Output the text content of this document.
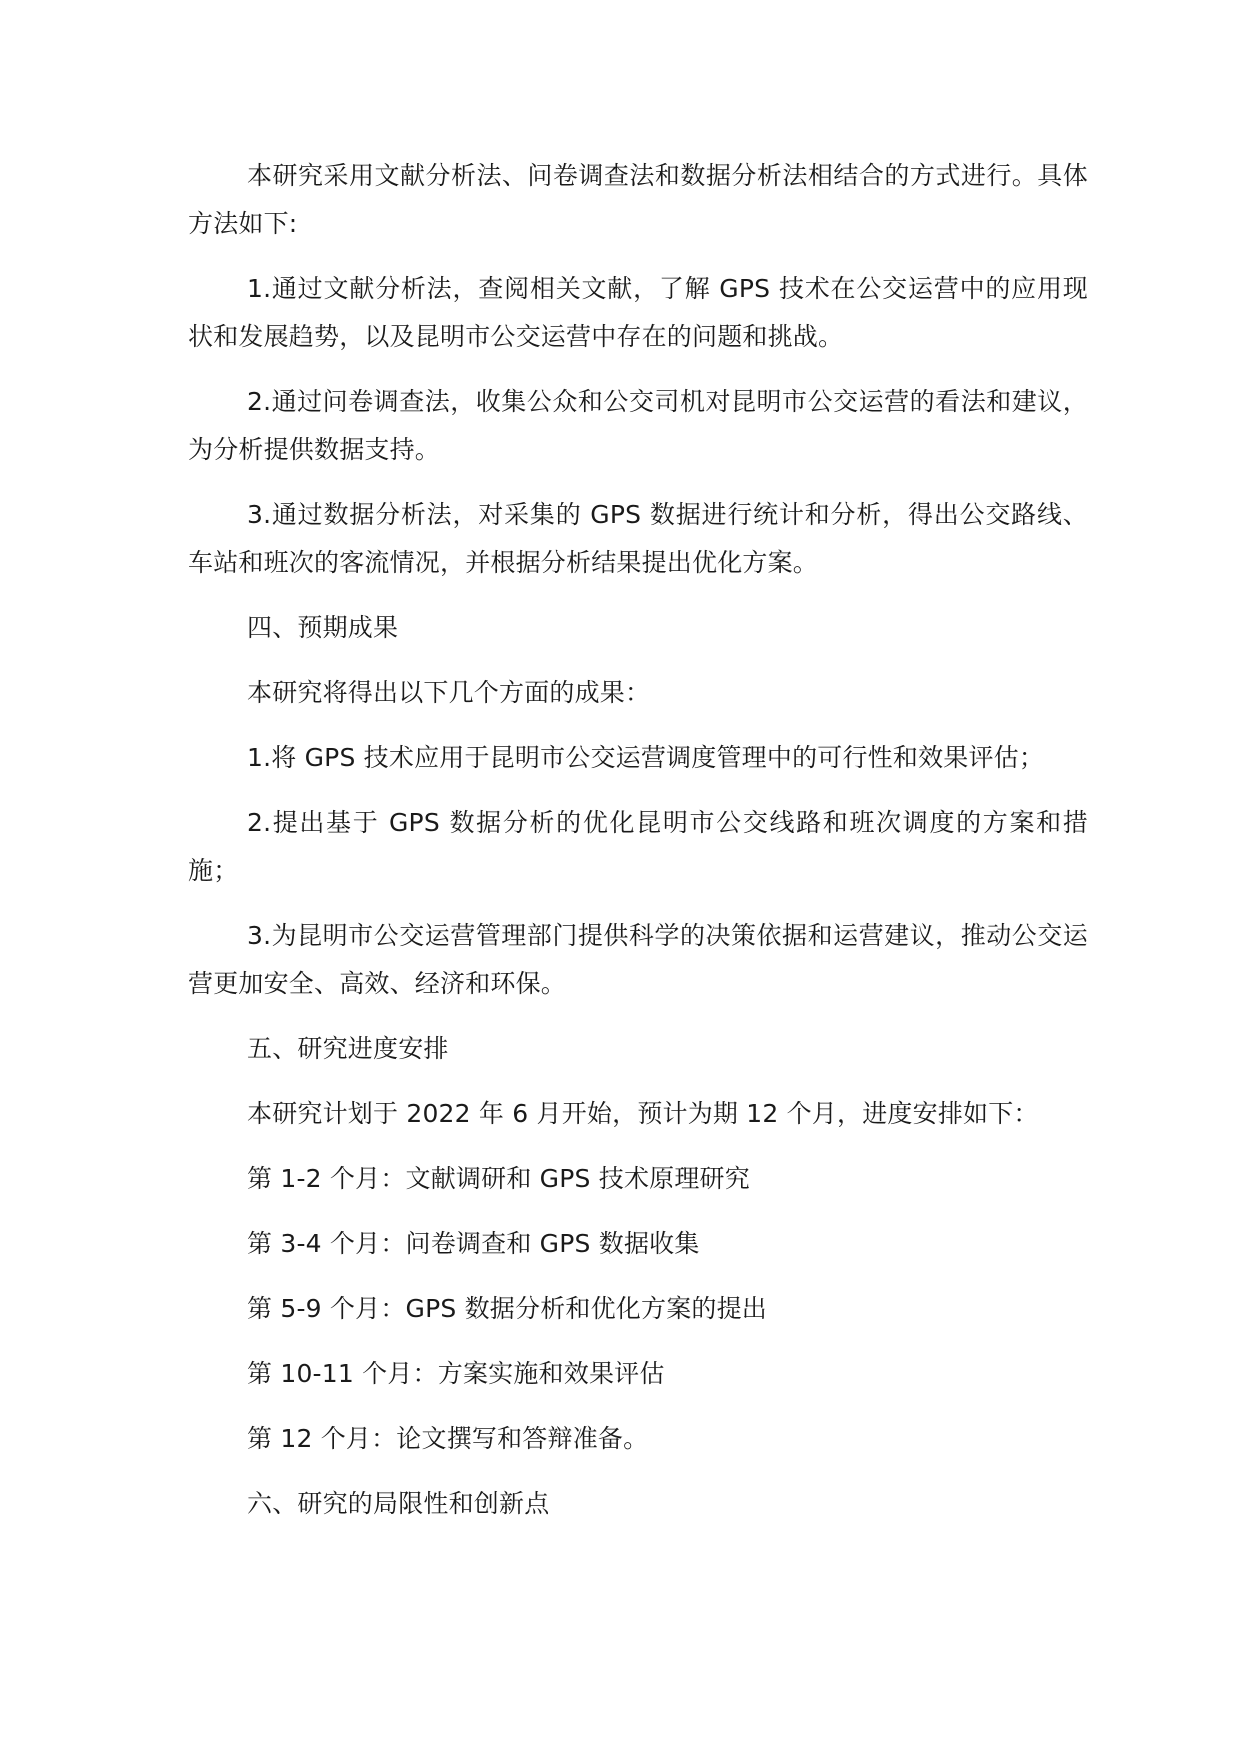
本研究采用文献分析法、问卷调查法和数据分析法相结合的方式进行。具体方法如下:

1.通过文献分析法，查阅相关文献，了解 GPS 技术在公交运营中的应用现状和发展趋势，以及昆明市公交运营中存在的问题和挑战。

2.通过问卷调查法，收集公众和公交司机对昆明市公交运营的看法和建议，为分析提供数据支持。

3.通过数据分析法，对采集的 GPS 数据进行统计和分析，得出公交路线、车站和班次的客流情况，并根据分析结果提出优化方案。

四、预期成果

本研究将得出以下几个方面的成果：

1.将 GPS 技术应用于昆明市公交运营调度管理中的可行性和效果评估；

2.提出基于 GPS 数据分析的优化昆明市公交线路和班次调度的方案和措施；

3.为昆明市公交运营管理部门提供科学的决策依据和运营建议，推动公交运营更加安全、高效、经济和环保。

五、研究进度安排

本研究计划于 2022 年 6 月开始，预计为期 12 个月，进度安排如下：

第 1-2 个月：文献调研和 GPS 技术原理研究

第 3-4 个月：问卷调查和 GPS 数据收集

第 5-9 个月：GPS 数据分析和优化方案的提出

第 10-11 个月：方案实施和效果评估

第 12 个月：论文撰写和答辩准备。

六、研究的局限性和创新点
